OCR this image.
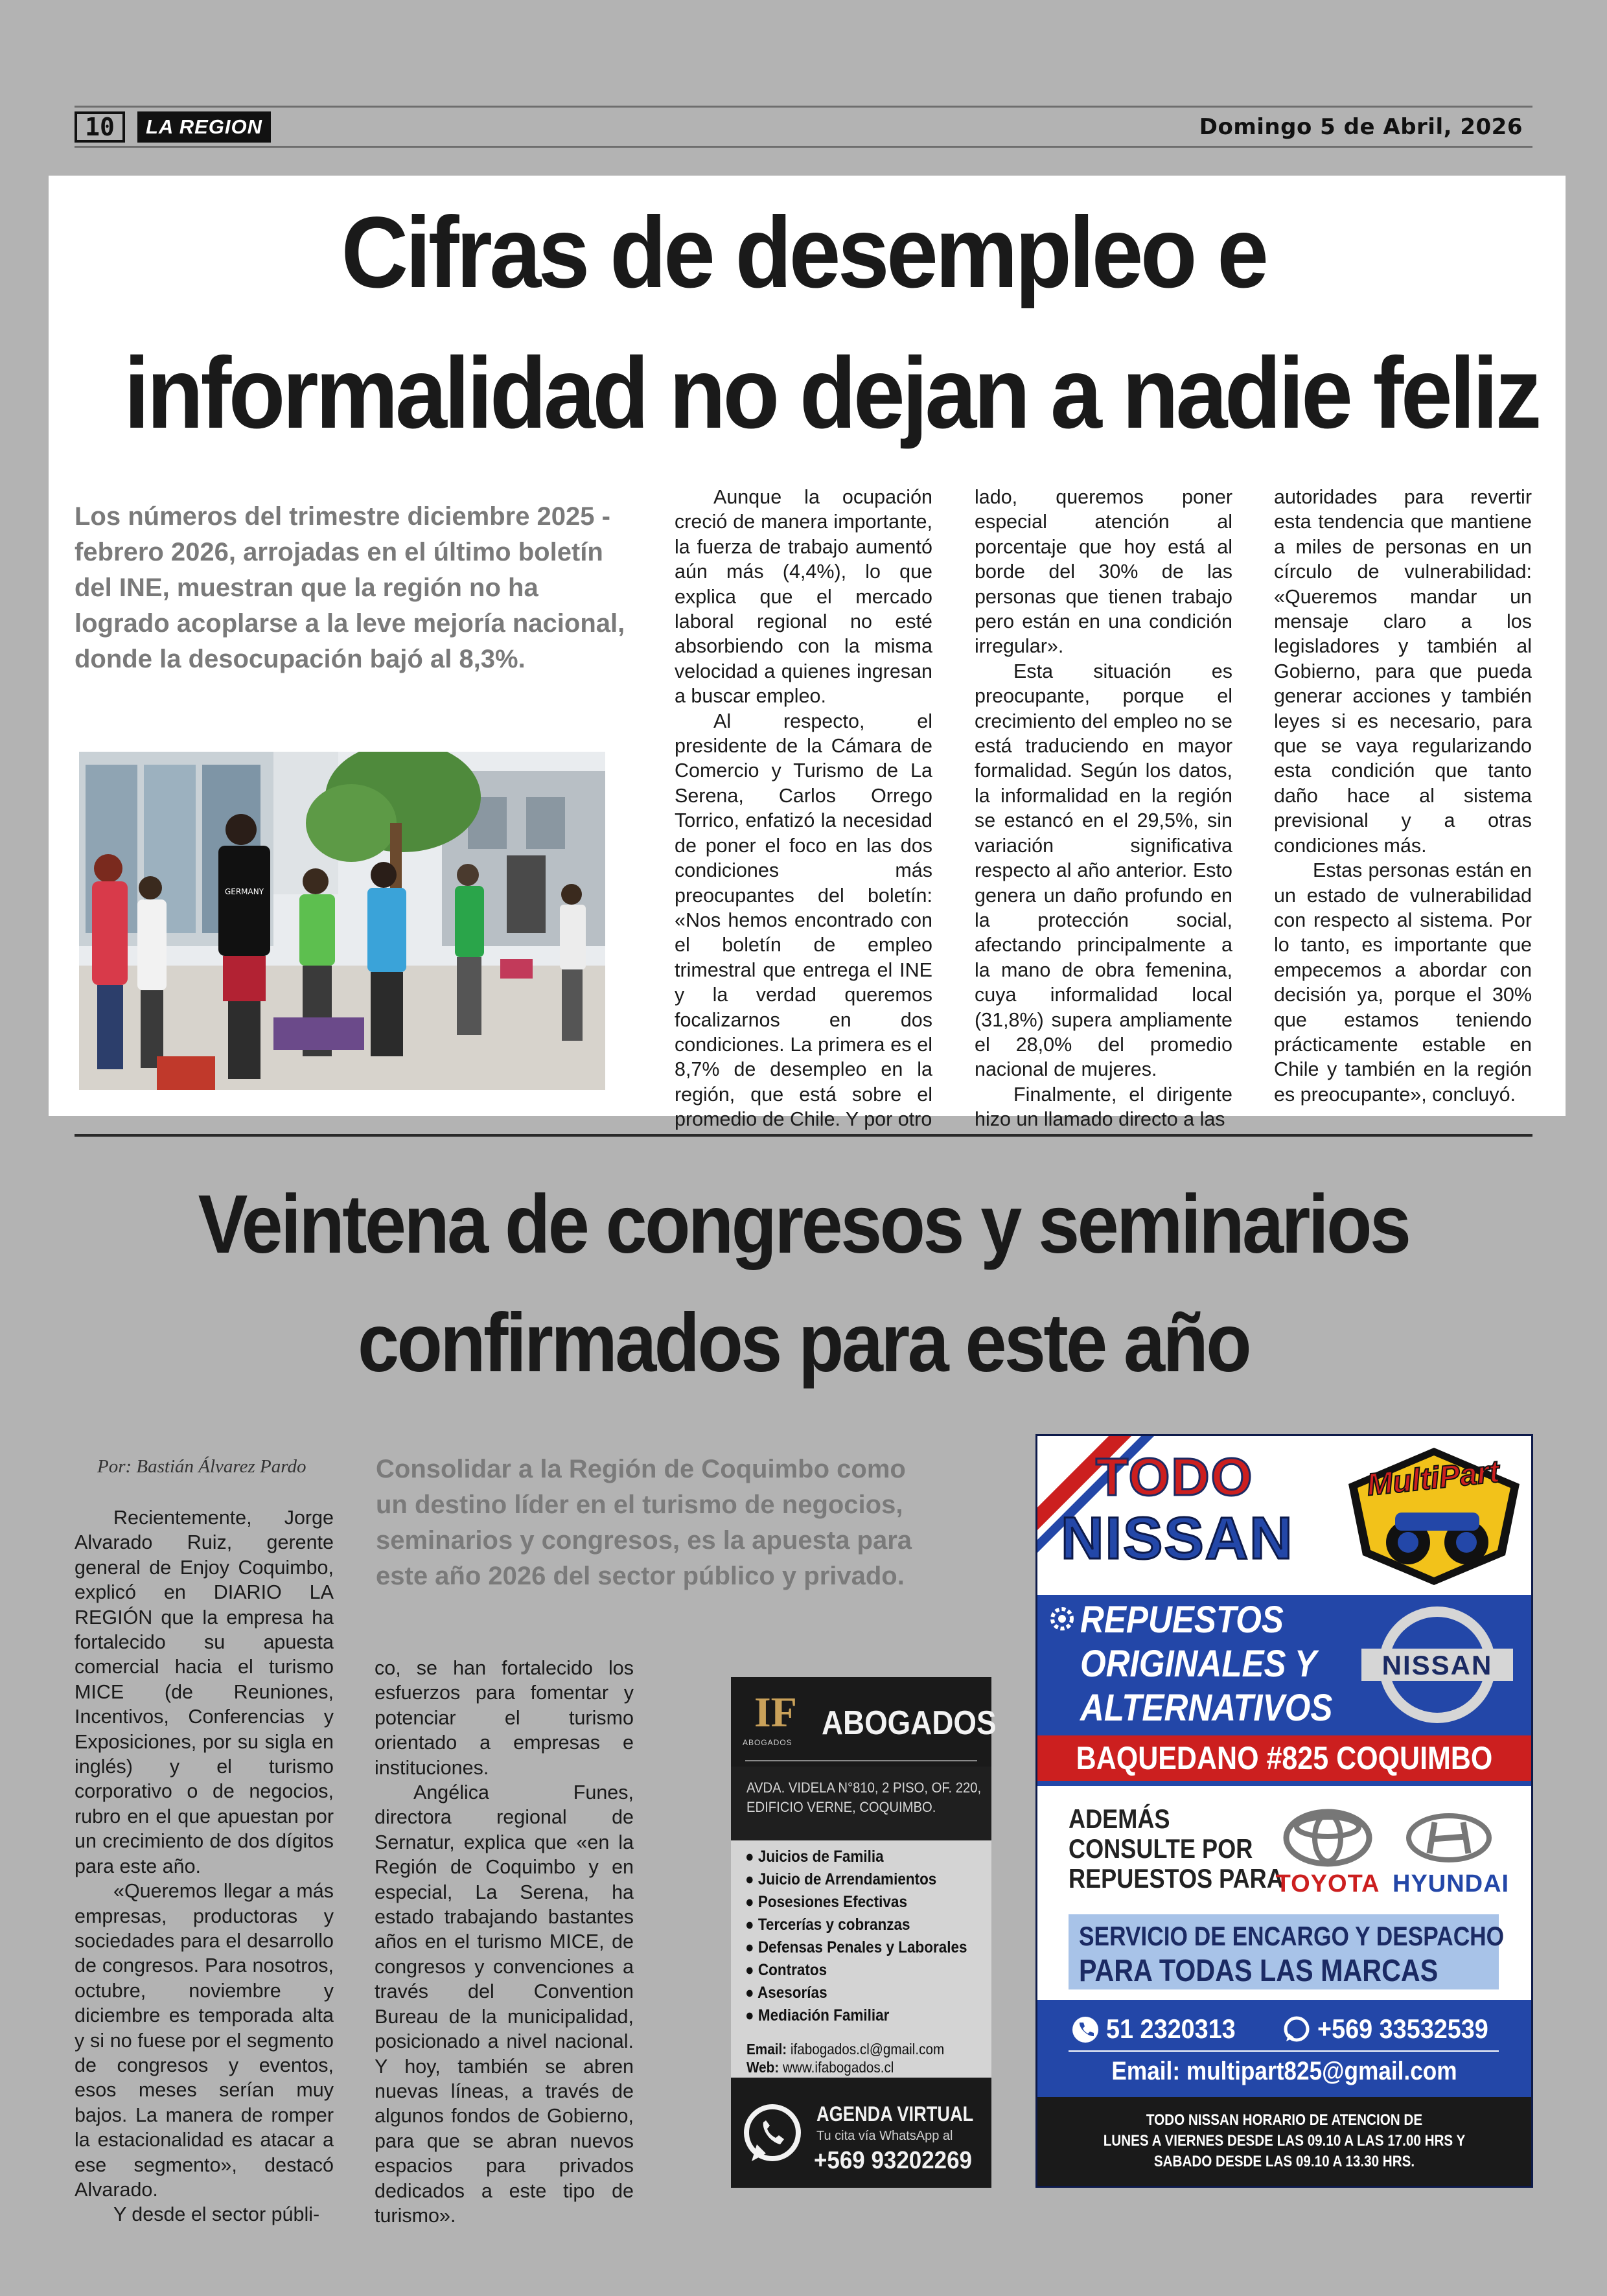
10	LA REGION	Domingo 5 de Abril, 2026
Cifras de desempleo e
informalidad no dejan a nadie feliz
Los números del trimestre diciembre 2025 - febrero 2026, arrojadas en el último boletín del INE, muestran que la región no ha logrado acoplarse a la leve mejoría nacional, donde la desocupación bajó al 8,3%.
GERMANY

Aunque la ocupación creció de manera importante, la fuerza de trabajo aumentó aún más (4,4%), lo que explica que el mercado laboral regional no esté absorbiendo con la misma velocidad a quienes ingresan a buscar empleo.

Al respecto, el presidente de la Cámara de Comercio y Turismo de La Serena, Carlos Orrego Torrico, enfatizó la necesidad de poner el foco en las dos condiciones más preocupantes del boletín: «Nos hemos encontrado con el boletín de empleo trimestral que entrega el INE y la verdad queremos focalizarnos en dos condiciones. La primera es el 8,7% de desempleo en la región, que está sobre el promedio de Chile. Y por otro

lado, queremos poner especial atención al porcentaje que hoy está al borde del 30% de las personas que tienen trabajo pero están en una condición irregular».

Esta situación es preocupante, porque el crecimiento del empleo no se está traduciendo en mayor formalidad. Según los datos, la informalidad en la región se estancó en el 29,5%, sin variación significativa respecto al año anterior. Esto genera un daño profundo en la protección social, afectando principalmente a la mano de obra femenina, cuya informalidad local (31,8%) supera ampliamente el 28,0% del promedio nacional de mujeres.

Finalmente, el dirigente hizo un llamado directo a las

autoridades para revertir esta tendencia que mantiene a miles de personas en un círculo de vulnerabilidad: «Queremos mandar un mensaje claro a los legisladores y también al Gobierno, para que pueda generar acciones y también leyes si es necesario, para que se vaya regularizando esta condición que tanto daño hace al sistema previsional y a otras condiciones más.

Estas personas están en un estado de vulnerabilidad con respecto al sistema. Por lo tanto, es importante que empecemos a abordar con decisión ya, porque el 30% que estamos teniendo prácticamente estable en Chile y también en la región es preocupante», concluyó.

Veintena de congresos y seminarios
confirmados para este año
Por: Bastián Álvarez Pardo	Consolidar a la Región de Coquimbo como un destino líder en el turismo de negocios, seminarios y congresos, es la apuesta para este año 2026 del sector público y privado.

Recientemente, Jorge Alvarado Ruiz, gerente general de Enjoy Coquimbo, explicó en DIARIO LA REGIÓN que la empresa ha fortalecido su apuesta comercial hacia el turismo MICE (de Reuniones, Incentivos, Conferencias y Exposiciones, por su sigla en inglés) y el turismo corporativo o de negocios, rubro en el que apuestan por un crecimiento de dos dígitos para este año.

«Queremos llegar a más empresas, productoras y sociedades para el desarrollo de congresos. Para nosotros, octubre, noviembre y diciembre es temporada alta y si no fuese por el segmento de congresos y eventos, esos meses serían muy bajos. La manera de romper la estacionalidad es atacar a ese segmento», destacó Alvarado.

Y desde el sector públi-

co, se han fortalecido los esfuerzos para fomentar y potenciar el turismo orientado a empresas e instituciones.

Angélica Funes, directora regional de Sernatur, explica que «en la Región de Coquimbo y en especial, La Serena, ha estado trabajando bastantes años en el turismo MICE, de congresos y convenciones a través del Convention Bureau de la municipalidad, posicionado a nivel nacional. Y hoy, también se abren nuevas líneas, a través de algunos fondos de Gobierno, para que se abran nuevos espacios para privados dedicados a este tipo de turismo».

IF
ABOGADOS
ABOGADOS
AVDA. VIDELA N°810, 2 PISO, OF. 220,
EDIFICIO VERNE, COQUIMBO.
● Juicios de Familia
● Juicio de Arrendamientos
● Posesiones Efectivas
● Tercerías y cobranzas
● Defensas Penales y Laborales
● Contratos
● Asesorías
● Mediación Familiar
Email: ifabogados.cl@gmail.com
Web: www.ifabogados.cl
AGENDA VIRTUAL
Tu cita vía WhatsApp al
+569 93202269
TODO
NISSAN
MultiPart
REPUESTOS
ORIGINALES Y
ALTERNATIVOS
NISSAN
BAQUEDANO #825 COQUIMBO
ADEMÁS
CONSULTE POR
REPUESTOS PARA
TOYOTA HYUNDAI
SERVICIO DE ENCARGO Y DESPACHO
PARA TODAS LAS MARCAS
51 2320313	+569 33532539
Email: multipart825@gmail.com
TODO NISSAN HORARIO DE ATENCION DE
LUNES A VIERNES DESDE LAS 09.10 A LAS 17.00 HRS Y
SABADO DESDE LAS 09.10 A 13.30 HRS.
